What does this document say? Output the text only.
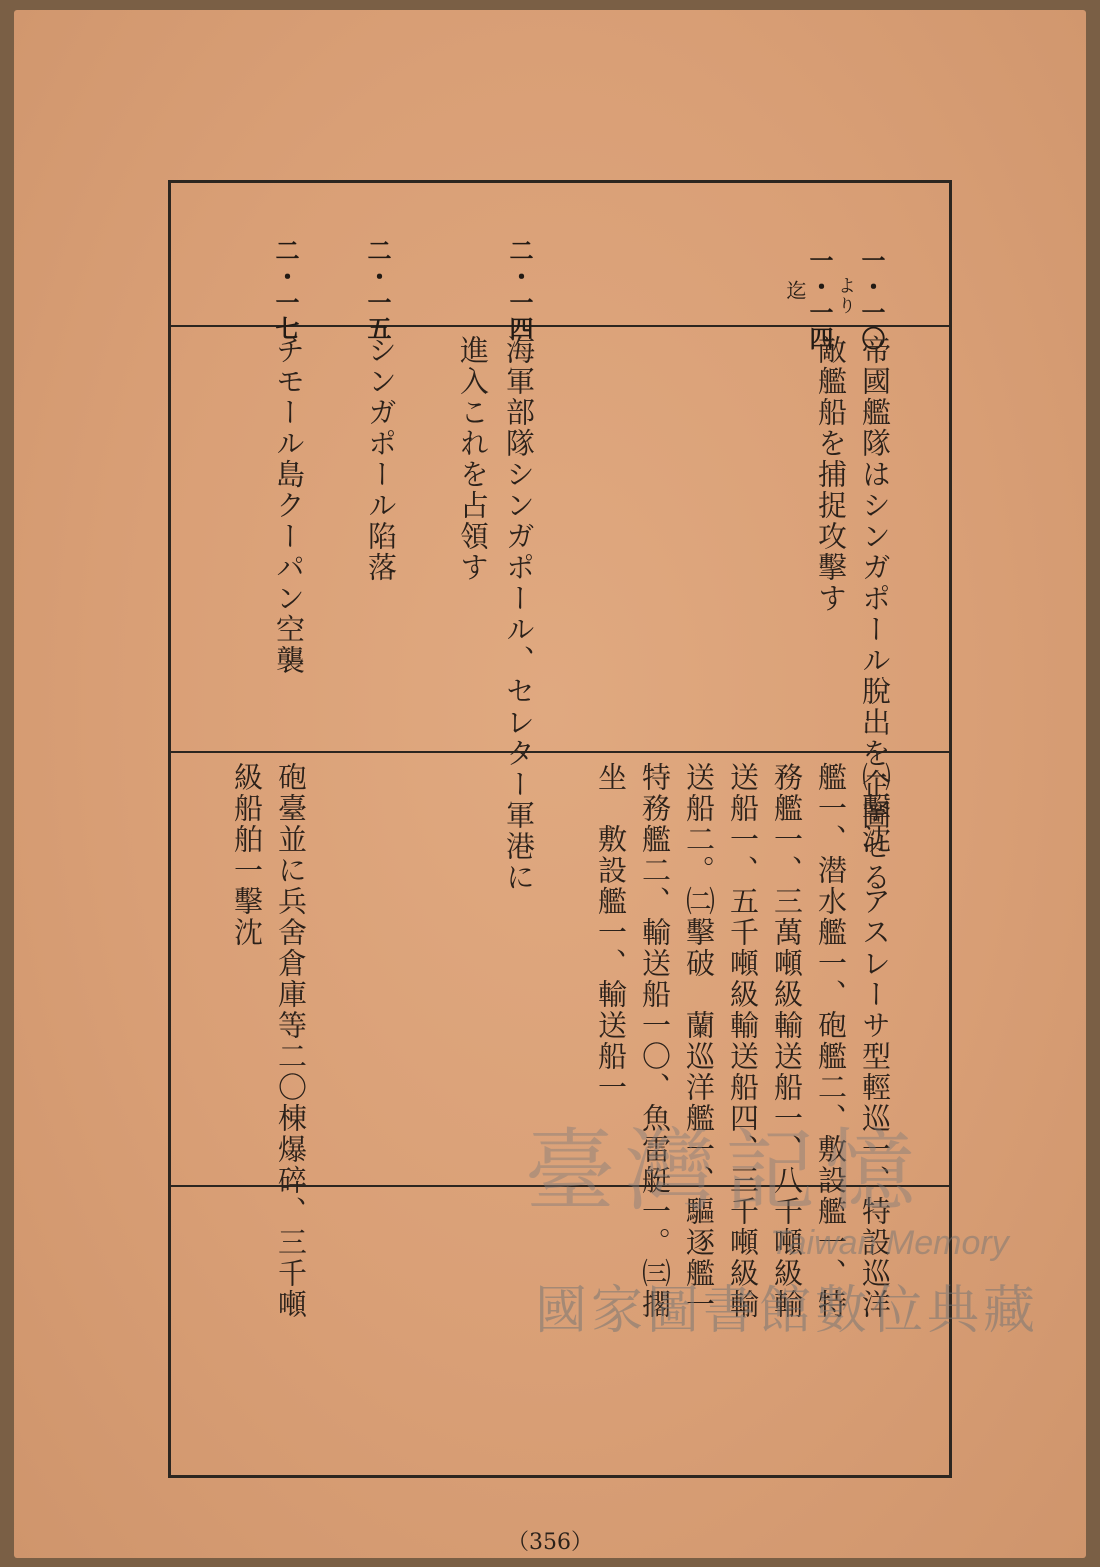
一・一〇
より
一・一四
迄
帝國艦隊はシンガポール脫出を企圖せる
敵艦船を捕捉攻擊す
㈠擊沈　アスレーサ型輕巡一、特設巡洋
艦一、潜水艦一、砲艦二、敷設艦一、特
務艦一、三萬噸級輸送船一、八千噸級輸
送船一、五千噸級輸送船四、三千噸級輸
送船二。㈡擊破　蘭巡洋艦一、驅逐艦一
特務艦二、輸送船一〇、魚雷艇一。㈢擱
坐　敷設艦一、輸送船一
二・一四
海軍部隊シンガポール、セレター軍港に
進入これを占領す
二・一五
シンガポール陷落
二・一七
チモール島クーパン空襲
砲臺並に兵舍倉庫等二〇棟爆碎、三千噸
級船舶一擊沈
（356）
臺灣記憶
Taiwan Memory
國家圖書館數位典藏
